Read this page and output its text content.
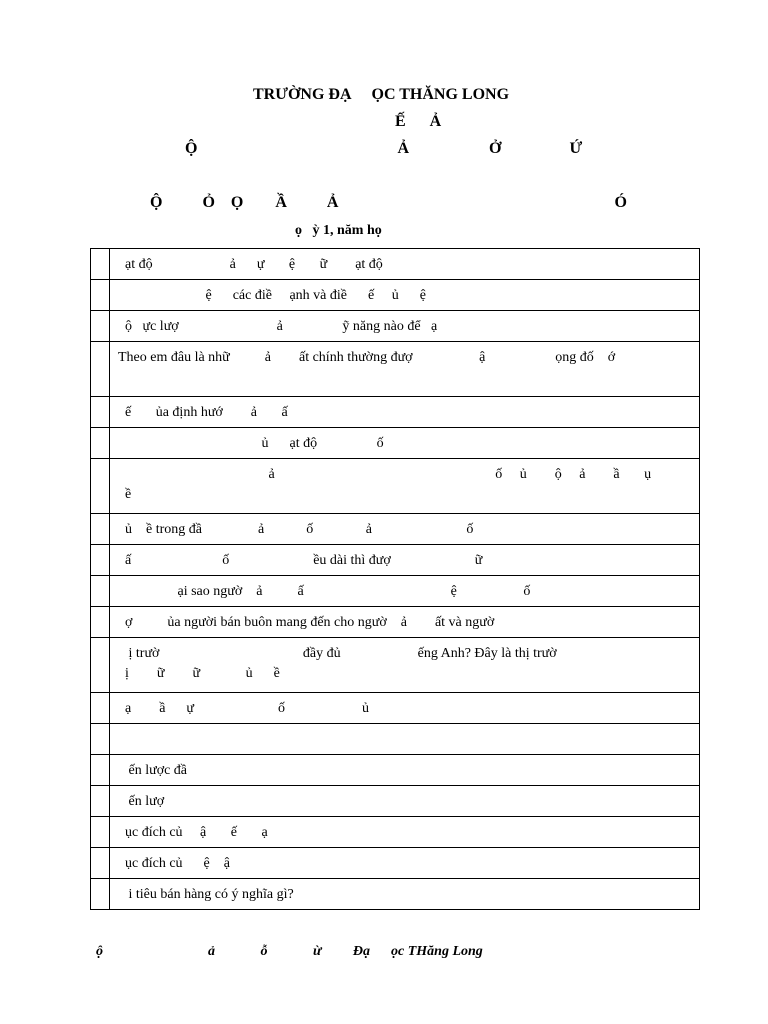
TRƯỜNG ĐẠ     ỌC THĂNG LONG
Ế      Ả
Ộ                                                  Ả                    Ở                 Ứ
Ộ          Ỏ    Ọ        Ầ          Ả                                                                     Ó
ọ   ỳ 1, năm họ
	ạt độ                      ả      ự       ệ       ữ        ạt độ
	ệ      các điề     ạnh và điề      ế     ủ      ệ
	ộ   ực lượ                            ả                 ỹ năng nào để   ạ
	Theo em đâu là nhữ          ả        ất chính thường đượ                   ậ                    ọng đố    ớ

	ế       ủa định hướ        ả       ấ
	ủ      ạt độ                 ố
	ả                                                               ố     ủ        ộ     ả        ầ       ụ
ề
	ủ    ề trong đầ                ả            ố               ả                           ố
	ấ                          ố                        ều dài thì đượ                        ữ
	ại sao ngườ    ả          ấ                                          ệ                   ố
	ợ          ủa người bán buôn mang đến cho ngườ    ả        ất và ngườ
	ị trườ                                         đầy đủ                      ếng Anh? Đây là thị trườ
ị        ữ        ữ             ủ      ề
	ạ        ầ      ự                        ố                      ủ

	ến lược đầ
	ến lượ
	ục đích củ     ậ       ế       ạ
	ục đích củ      ệ    ậ
	i tiêu bán hàng có ý nghĩa gì?
ộ                              ả             ỗ             ừ         Đạ      ọc THăng Long
